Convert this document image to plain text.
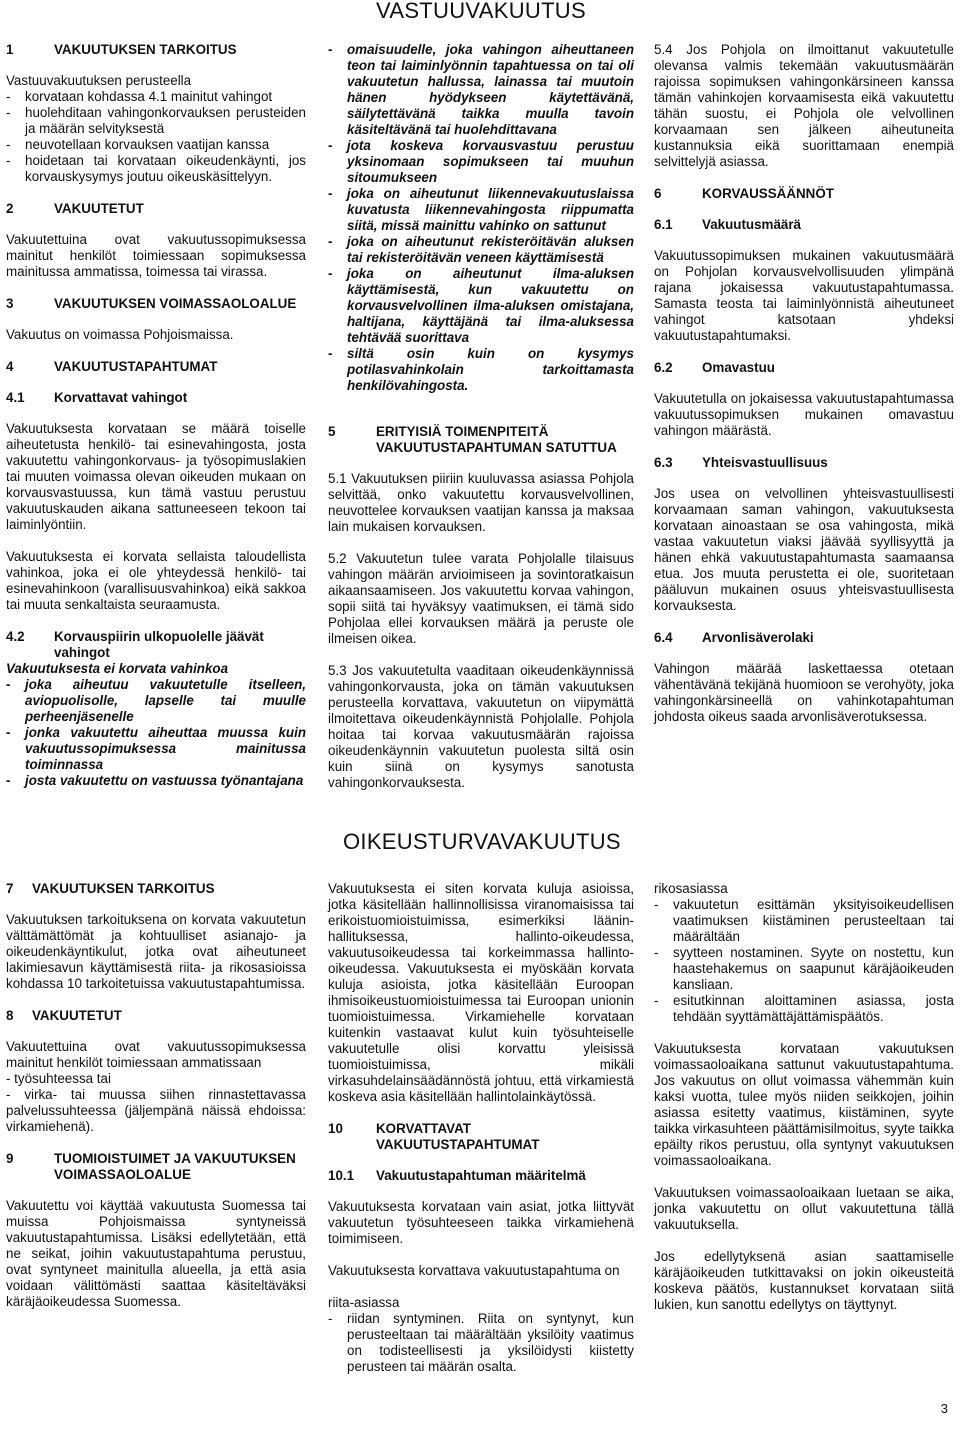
VASTUUVAKUUTUS
1	VAKUUTUKSEN TARKOITUS
Vastuuvakuutuksen perusteella
-	korvataan kohdassa 4.1 mainitut vahingot
-	huolehditaan vahingonkorvauksen perusteiden ja määrän selvityksestä
-	neuvotellaan korvauksen vaatijan kanssa
-	hoidetaan tai korvataan oikeudenkäynti, jos korvauskysymys joutuu oikeuskäsittelyyn.
2	VAKUUTETUT
Vakuutettuina ovat vakuutussopimuksessa mainitut henkilöt toimiessaan sopimuksessa mainitussa ammatissa, toimessa tai virassa.
3	VAKUUTUKSEN VOIMASSAOLOALUE
Vakuutus on voimassa Pohjoismaissa.
4	VAKUUTUSTAPAHTUMAT
4.1	Korvattavat vahingot
Vakuutuksesta korvataan se määrä toiselle aiheutetusta henkilö- tai esinevahingosta, josta vakuutettu vahingonkorvaus- ja työsopimuslakien tai muuten voimassa olevan oikeuden mukaan on korvausvastuussa, kun tämä vastuu perustuu vakuutuskauden aikana sattuneeseen tekoon tai laiminlyöntiin.
Vakuutuksesta ei korvata sellaista taloudellista vahinkoa, joka ei ole yhteydessä henkilö- tai esinevahinkoon (varallisuusvahinkoa) eikä sakkoa tai muuta senkaltaista seuraamusta.
4.2	Korvauspiirin ulkopuolelle jäävät vahingot
Vakuutuksesta ei korvata vahinkoa
-	joka aiheutuu vakuutetulle itselleen, aviopuolisolle, lapselle tai muulle perheenjäsenelle
-	jonka vakuutettu aiheuttaa muussa kuin vakuutussopimuksessa mainitussa toiminnassa
-	josta vakuutettu on vastuussa työnantajana
-	omaisuudelle, joka vahingon aiheuttaneen teon tai laiminlyönnin tapahtuessa on tai oli vakuutetun hallussa, lainassa tai muutoin hänen hyödykseen käytettävänä, säilytettävänä taikka muulla tavoin käsiteltävänä tai huolehdittavana
-	jota koskeva korvausvastuu perustuu yksinomaan sopimukseen tai muuhun sitoumukseen
-	joka on aiheutunut liikennevakuutuslaissa kuvatusta liikennevahingosta riippumatta siitä, missä mainittu vahinko on sattunut
-	joka on aiheutunut rekisteröitävän aluksen tai rekisteröitävän veneen käyttämisestä
-	joka on aiheutunut ilma-aluksen käyttämisestä, kun vakuutettu on korvausvelvollinen ilma-aluksen omistajana, haltijana, käyttäjänä tai ilma-aluksessa tehtävää suorittava
-	siltä osin kuin on kysymys potilasvahinkolain tarkoittamasta henkilövahingosta.
5	ERITYISIÄ TOIMENPITEITÄ VAKUUTUSTAPAHTUMAN SATUTTUA
5.1 Vakuutuksen piiriin kuuluvassa asiassa Pohjola selvittää, onko vakuutettu korvausvelvollinen, neuvottelee korvauksen vaatijan kanssa ja maksaa lain mukaisen korvauksen.
5.2 Vakuutetun tulee varata Pohjolalle tilaisuus vahingon määrän arvioimiseen ja sovintoratkaisun aikaansaamiseen. Jos vakuutettu korvaa vahingon, sopii siitä tai hyväksyy vaatimuksen, ei tämä sido Pohjolaa ellei korvauksen määrä ja peruste ole ilmeisen oikea.
5.3 Jos vakuutetulta vaaditaan oikeudenkäynnissä vahingonkorvausta, joka on tämän vakuutuksen perusteella korvattava, vakuutetun on viipymättä ilmoitettava oikeudenkäynnistä Pohjolalle. Pohjola hoitaa tai korvaa vakuutusmäärän rajoissa oikeudenkäynnin vakuutetun puolesta siltä osin kuin siinä on kysymys sanotusta vahingonkorvauksesta.
5.4 Jos Pohjola on ilmoittanut vakuutetulle olevansa valmis tekemään vakuutusmäärän rajoissa sopimuksen vahingonkärsineen kanssa tämän vahinkojen korvaamisesta eikä vakuutettu tähän suostu, ei Pohjola ole velvollinen korvaamaan sen jälkeen aiheutuneita kustannuksia eikä suorittamaan enempiä selvittelyjä asiassa.
6	KORVAUSSÄÄNNÖT
6.1	Vakuutusmäärä
Vakuutussopimuksen mukainen vakuutusmäärä on Pohjolan korvausvelvollisuuden ylimpänä rajana jokaisessa vakuutustapahtumassa. Samasta teosta tai laiminlyönnistä aiheutuneet vahingot katsotaan yhdeksi vakuutustapahtumaksi.
6.2	Omavastuu
Vakuutetulla on jokaisessa vakuutustapahtumassa vakuutussopimuksen mukainen omavastuu vahingon määrästä.
6.3	Yhteisvastuullisuus
Jos usea on velvollinen yhteisvastuullisesti korvaamaan saman vahingon, vakuutuksesta korvataan ainoastaan se osa vahingosta, mikä vastaa vakuutetun viaksi jäävää syyllisyyttä ja hänen ehkä vakuutustapahtumasta saamaansa etua. Jos muuta perustetta ei ole, suoritetaan pääluvun mukainen osuus yhteisvastuullisesta korvauksesta.
6.4	Arvonlisäverolaki
Vahingon määrää laskettaessa otetaan vähentävänä tekijänä huomioon se verohyöty, joka vahingonkärsineellä on vahinkotapahtuman johdosta oikeus saada arvonlisäverotuksessa.
OIKEUSTURVAVAKUUTUS
7	VAKUUTUKSEN TARKOITUS
Vakuutuksen tarkoituksena on korvata vakuutetun välttämättömät ja kohtuulliset asianajo- ja oikeudenkäyntikulut, jotka ovat aiheutuneet lakimiesavun käyttämisestä riita- ja rikosasioissa kohdassa 10 tarkoitetuissa vakuutustapahtumissa.
8	VAKUUTETUT
Vakuutettuina ovat vakuutussopimuksessa mainitut henkilöt toimiessaan ammatissaan
- työsuhteessa tai
- virka- tai muussa siihen rinnastettavassa palvelussuhteessa (jäljempänä näissä ehdoissa: virkamiehenä).
9	TUOMIOISTUIMET JA VAKUUTUKSEN VOIMASSAOLOALUE
Vakuutettu voi käyttää vakuutusta Suomessa tai muissa Pohjoismaissa syntyneissä vakuutustapahtumissa. Lisäksi edellytetään, että ne seikat, joihin vakuutustapahtuma perustuu, ovat syntyneet mainitulla alueella, ja että asia voidaan välittömästi saattaa käsiteltäväksi käräjäoikeudessa Suomessa.
Vakuutuksesta ei siten korvata kuluja asioissa, jotka käsitellään hallinnollisissa viranomaisissa tai erikoistuomioistuimissa, esimerkiksi läänin-hallituksessa, hallinto-oikeudessa, vakuutusoikeudessa tai korkeimmassa hallinto-oikeudessa. Vakuutuksesta ei myöskään korvata kuluja asioista, jotka käsitellään Euroopan ihmisoikeustuomioistuimessa tai Euroopan unionin tuomioistuimessa. Virkamiehelle korvataan kuitenkin vastaavat kulut kuin työsuhteiselle vakuutetulle olisi korvattu yleisissä tuomioistuimissa, mikäli virkasuhdelainsäädännöstä johtuu, että virkamiestä koskeva asia käsitellään hallintolainkäytössä.
10	KORVATTAVAT VAKUUTUSTAPAHTUMAT
10.1	Vakuutustapahtuman määritelmä
Vakuutuksesta korvataan vain asiat, jotka liittyvät vakuutetun työsuhteeseen taikka virkamiehenä toimimiseen.
Vakuutuksesta korvattava vakuutustapahtuma on
riita-asiassa
-	riidan syntyminen. Riita on syntynyt, kun perusteeltaan tai määrältään yksilöity vaatimus on todisteellisesti ja yksilöidysti kiistetty perusteen tai määrän osalta.
rikosasiassa
-	vakuutetun esittämän yksityisoikeudellisen vaatimuksen kiistäminen perusteeltaan tai määrältään
-	syytteen nostaminen. Syyte on nostettu, kun haastehakemus on saapunut käräjäoikeuden kansliaan.
-	esitutkinnan aloittaminen asiassa, josta tehdään syyttämättäjättämispäätös.
Vakuutuksesta korvataan vakuutuksen voimassaoloaikana sattunut vakuutustapahtuma. Jos vakuutus on ollut voimassa vähemmän kuin kaksi vuotta, tulee myös niiden seikkojen, joihin asiassa esitetty vaatimus, kiistäminen, syyte taikka virkasuhteen päättämisilmoitus, syyte taikka epäilty rikos perustuu, olla syntynyt vakuutuksen voimassaoloaikana.
Vakuutuksen voimassaoloaikaan luetaan se aika, jonka vakuutettu on ollut vakuutettuna tällä vakuutuksella.
Jos edellytyksenä asian saattamiselle käräjäoikeuden tutkittavaksi on jokin oikeusteitä koskeva päätös, kustannukset korvataan siitä lukien, kun sanottu edellytys on täyttynyt.
3
